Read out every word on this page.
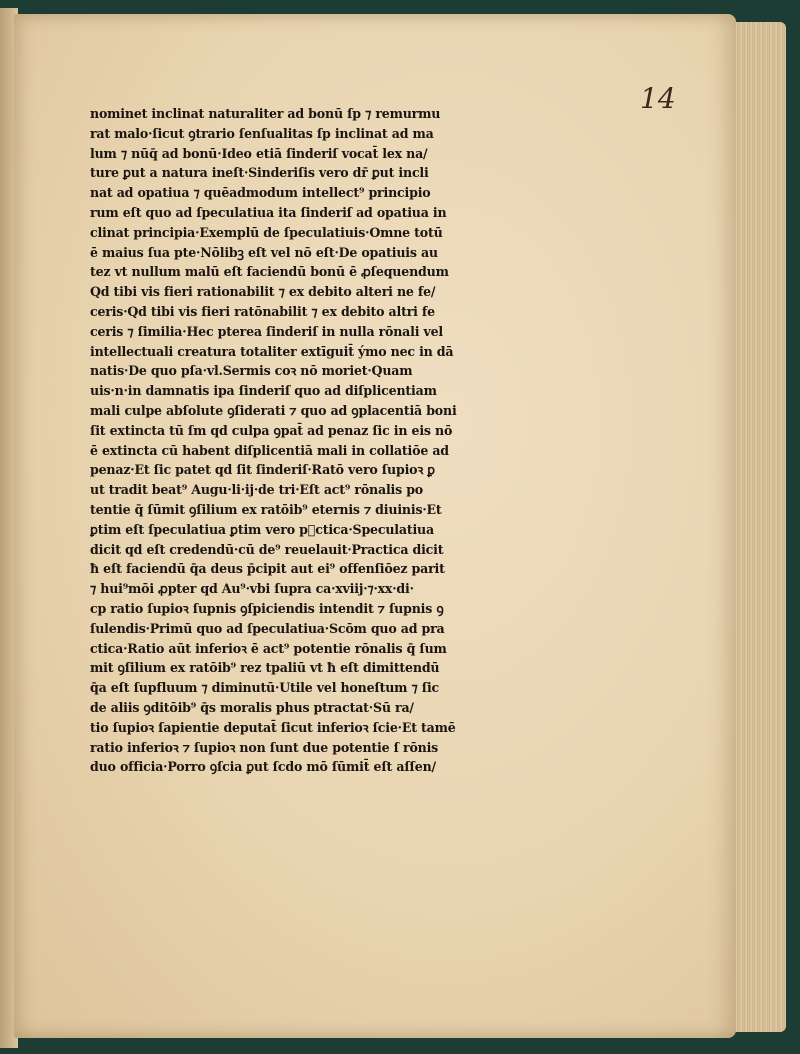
14
nominet inclinat naturaliter ad bonū ſp ⁊ remurmu
rat malo·ſicut ꝯtrario ſenſualitas ſp inclinat ad ma
lum ⁊ nūq̄ ad bonū·Ideo etiā ſinderiſ vocat̄ lex na/
ture ꝑut a natura ineſt·Sinderiſis vero dr̄ ꝑut incli
nat ad opatiua ⁊ quēadmodum intellect⁹ principio
rum eſt quo ad ſpeculatiua ita ſinderiſ ad opatiua in
clinat principia·Exemplū de ſpeculatiuis·Omne totū
ē maius ſua pte·Nōlibꝫ eſt vel nō eſt·De opatiuis au
tez vt nullum malū eſt faciendū bonū ē ꝓſequendum
Qd tibi vis fieri rationabilit ⁊ ex debito alteri ne fe/
ceris·Qd tibi vis fieri ratōnabilit ⁊ ex debito altri fe
ceris ⁊ ſimilia·Hec pterea ſinderiſ in nulla rōnali vel
intellectuali creatura totaliter extīguit̄ ýmo nec in dā
natis·De quo pſa·vl.Sermis coꝛ nō moriet·Quam
uis·n·in damnatis ipa ſinderiſ quo ad diſplicentiam
mali culpe abſolute ꝯſiderati ⁊ quo ad ꝯplacentiā boni
ſit extincta tū ſm qd culpa ꝯpat̄ ad penaz ſic in eis nō
ē extincta cū habent diſplicentiā mali in collatiōe ad
penaz·Et ſic patet qd ſit ſinderiſ·Ratō vero ſupioꝛ ꝑ
ut tradit beat⁹ Augu·li·ij·de tri·Eſt act⁹ rōnalis po
tentie q̄ ſūmit ꝯſilium ex ratōib⁹ eternis ⁊ diuinis·Et
ꝑtim eſt ſpeculatiua ꝑtim vero pᷓctica·Speculatiua
dicit qd eſt credendū·cū de⁹ reuelauit·Practica dicit
ħ eſt faciendū q̄a deus p̄cipit aut ei⁹ offenſiōez parit
⁊ hui⁹mōi ꝓpter qd Au⁹·vbi ſupra ca·xviij·⁊·xx·di·
cp ratio ſupioꝛ ſupnis ꝯſpiciendis intendit ⁊ ſupnis ꝯ
ſulendis·Primū quo ad ſpeculatiua·Scōm quo ad pra
ctica·Ratio aūt inferioꝛ ē act⁹ potentie rōnalis q̄ ſum
mit ꝯſilium ex ratōib⁹ rez tpaliū vt ħ eſt dimittendū
q̄a eſt ſupfluum ⁊ diminutū·Utile vel honeſtum ⁊ ſic
de aliis ꝯditōib⁹ q̄s moralis phus ptractat·Sū ra/
tio ſupioꝛ ſapientie deputat̄ ſicut inferioꝛ ſcie·Et tamē
ratio inferioꝛ ⁊ ſupioꝛ non ſunt due potentie ſ rōnis
duo officia·Porro ꝯſcia ꝑut ſcdo mō ſūmit̄ eſt aſſen/
